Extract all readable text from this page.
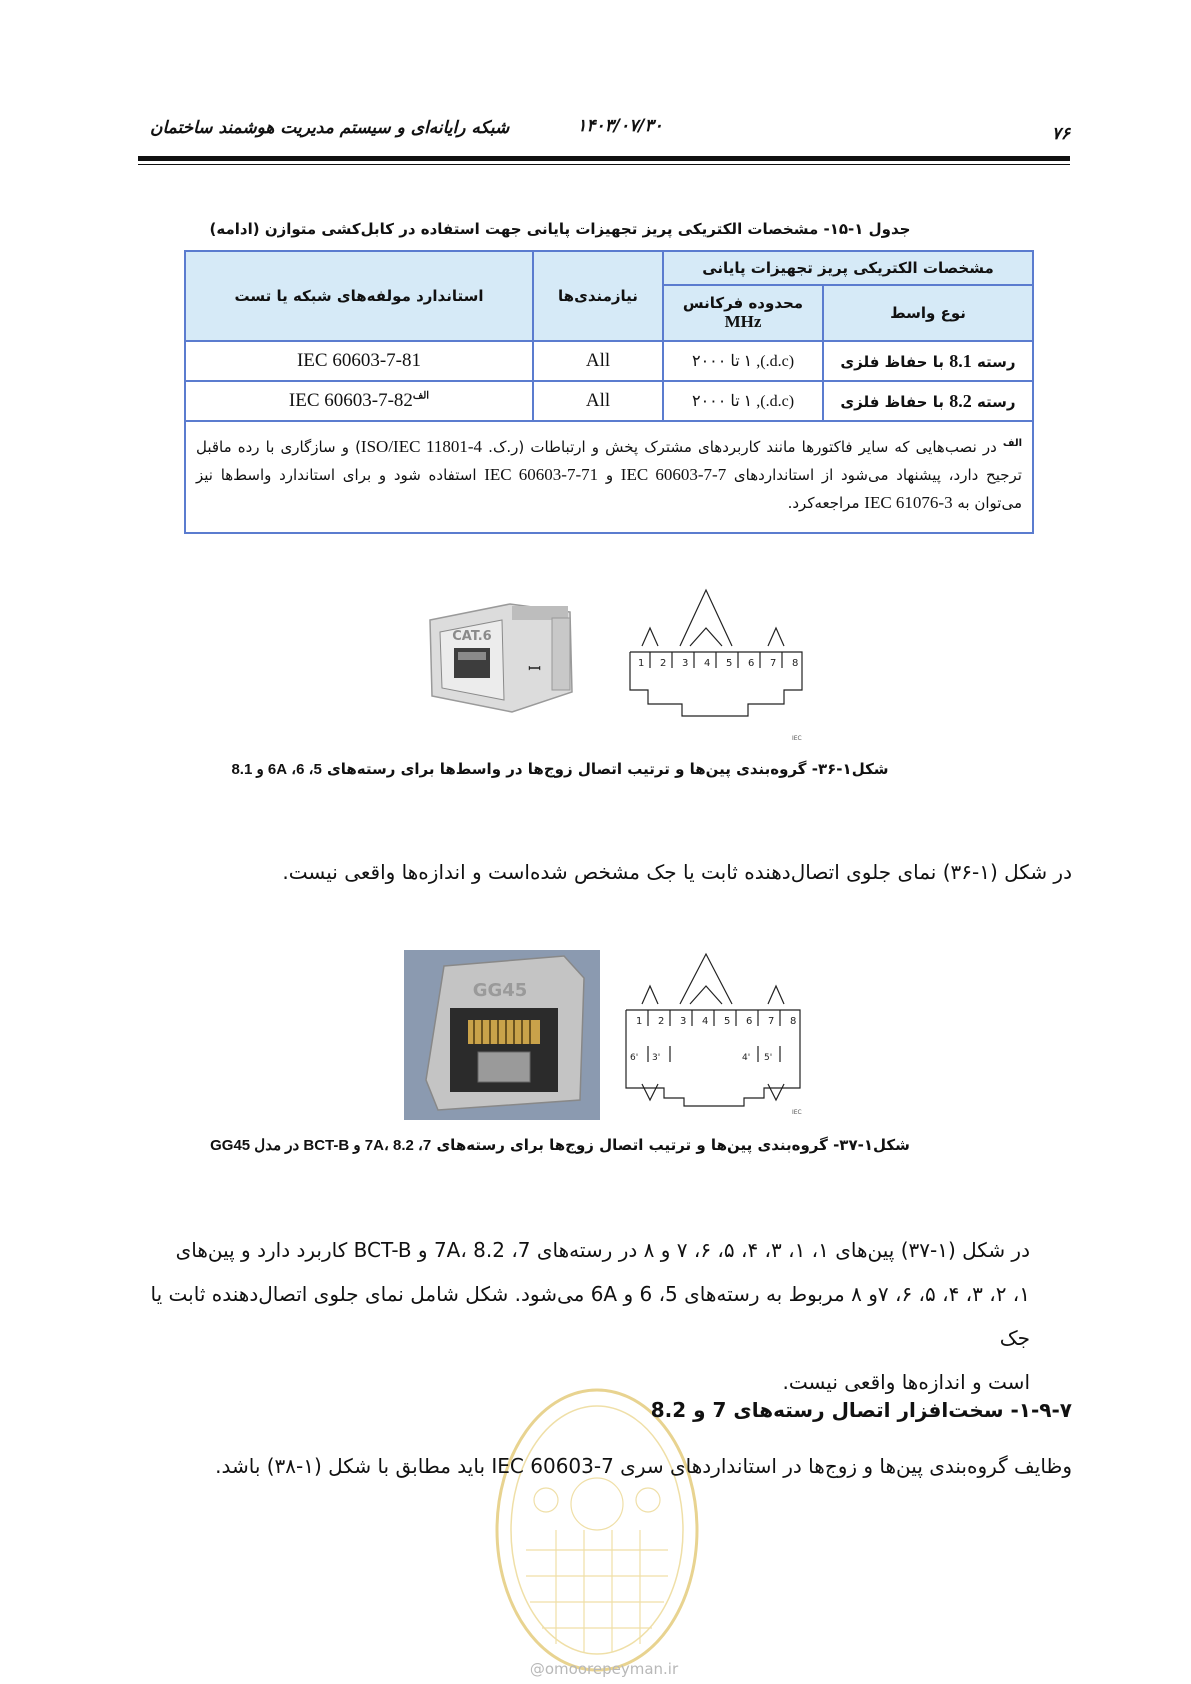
شبکه رایانه‌ای و سیستم مدیریت هوشمند ساختمان	۱۴۰۳/۰۷/۳۰	۷۶
جدول ۱-۱۵- مشخصات الکتریکی پریز تجهیزات پایانی جهت استفاده در کابل‌کشی متوازن (ادامه)
مشخصات الکتریکی پریز تجهیزات پایانی		نیازمندی‌ها	استاندارد مولفه‌های شبکه یا تست
نوع واسط	محدوده فرکانس
MHz		

رسته 8.1 با حفاظ فلزی	(d.c.), ۱ تا ۲۰۰۰	All	IEC 60603-7-81
رسته 8.2 با حفاظ فلزی	(d.c.), ۱ تا ۲۰۰۰	All	IEC $60603-7-82^{الف}$
$^{الف}$ در نصب‌هایی که سایر فاکتورها مانند کاربردهای مشترک پخش و ارتباطات (ر.ک. ISO/IEC 11801-4) و سازگاری با رده ماقبل ترجیح دارد، پیشنهاد می‌شود از استانداردهای IEC 60603-7-7 و IEC 60603-7-71 استفاده شود و برای استاندارد واسط‌ها نیز می‌توان به IEC 61076-3 مراجعه‌کرد.			
CAT.6
ꟷ	1 2 3 4 5 6 7 8
IEC
شکل۱-۳۶- گروه‌بندی پین‌ها و ترتیب اتصال زوج‌ها در واسط‌ها برای رسته‌های 5، 6، 6A و 8.1
در شکل (۱-۳۶) نمای جلوی اتصال‌دهنده ثابت یا جک مشخص شده‌است و اندازه‌ها واقعی نیست.
GG45
1 2 3 4 5 6 7 8
6' 3'	4' 5'
IEC
شکل۱-۳۷- گروه‌بندی پین‌ها و ترتیب اتصال زوج‌ها برای رسته‌های 7، 7A، 8.2 و BCT-B در مدل GG45
در شکل (۱-۳۷) پین‌های ۱، ۱، ۳، ۴، ۵، ۶، ۷ و ۸ در رسته‌های 7، 7A، 8.2 و BCT-B کاربرد دارد و پین‌های
۱، ۲، ۳، ۴، ۵، ۶، ۷و ۸ مربوط به رسته‌های 5، 6 و 6A می‌شود. شکل شامل نمای جلوی اتصال‌دهنده ثابت یا جک
است و اندازه‌ها واقعی نیست.
@omoorepeyman.ir
۱-۹-۷- سخت‌افزار اتصال رسته‌های 7 و 8.2
وظایف گروه‌بندی پین‌ها و زوج‌ها در استانداردهای سری IEC 60603-7 باید مطابق با شکل (۱-۳۸) باشد.
